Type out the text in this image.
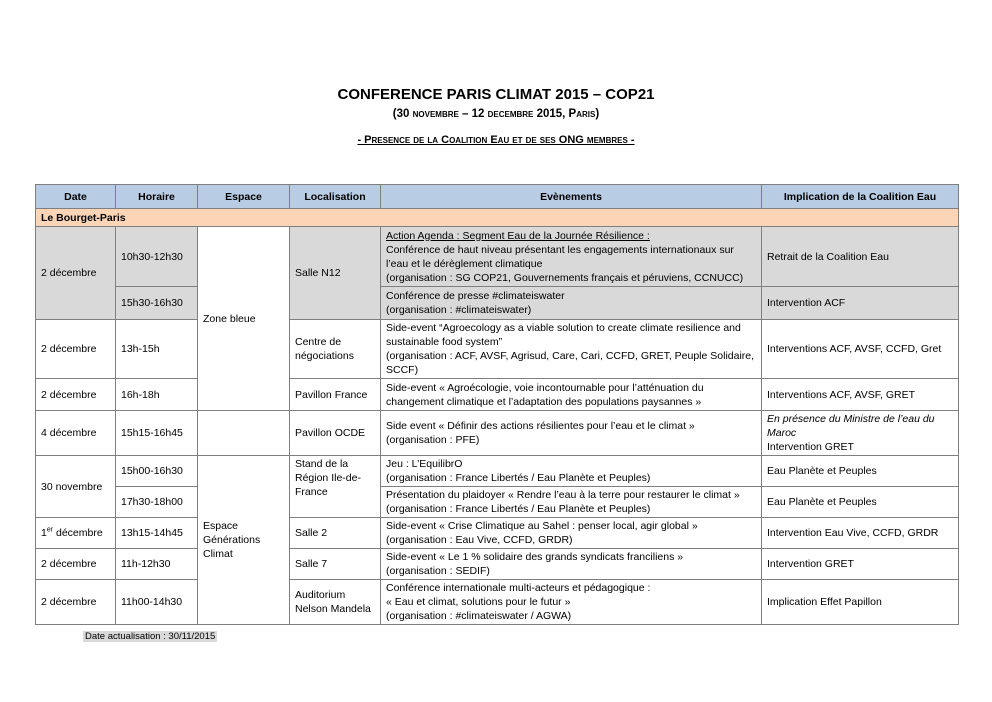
CONFERENCE PARIS CLIMAT 2015 – COP21
(30 novembre – 12 decembre 2015, Paris)
- Presence de la Coalition Eau et de ses ONG membres -
Date	Horaire	Espace	Localisation	Evènements	Implication de la Coalition Eau
Le Bourget-Paris					
2 décembre	10h30-12h30	Zone bleue	Salle N12	Action Agenda : Segment Eau de la Journée Résilience :
Conférence de haut niveau présentant les engagements internationaux sur
l’eau et le dérèglement climatique
(organisation : SG COP21, Gouvernements français et péruviens, CCNUCC)	Retrait de la Coalition Eau
	15h30-16h30			Conférence de presse #climateiswater
(organisation : #climateiswater)	Intervention ACF
2 décembre	13h-15h		Centre de négociations	Side-event “Agroecology as a viable solution to create climate resilience and
sustainable food system”
(organisation : ACF, AVSF, Agrisud, Care, Cari, CCFD, GRET, Peuple Solidaire,
SCCF)	Interventions ACF, AVSF, CCFD, Gret
2 décembre	16h-18h		Pavillon France	Side-event « Agroécologie, voie incontournable pour l’atténuation du
changement climatique et l’adaptation des populations paysannes »	Interventions ACF, AVSF, GRET
4 décembre	15h15-16h45		Pavillon OCDE	Side event « Définir des actions résilientes pour l’eau et le climat »
(organisation : PFE)	En présence du Ministre de l’eau du
Maroc
Intervention GRET

30 novembre	15h00-16h30	Espace
Générations
Climat	Stand de la Région Ile-de-France	Jeu : L’EquilibrO
(organisation : France Libertés / Eau Planète et Peuples)	Eau Planète et Peuples
	17h30-18h00			Présentation du plaidoyer « Rendre l’eau à la terre pour restaurer le climat »
(organisation : France Libertés / Eau Planète et Peuples)	Eau Planète et Peuples
1er décembre	13h15-14h45		Salle 2	Side-event « Crise Climatique au Sahel : penser local, agir global »
(organisation : Eau Vive, CCFD, GRDR)	Intervention Eau Vive, CCFD, GRDR
2 décembre	11h-12h30		Salle 7	Side-event « Le 1 % solidaire des grands syndicats franciliens »
(organisation : SEDIF)	Intervention GRET
2 décembre	11h00-14h30		Auditorium Nelson Mandela	Conférence internationale multi-acteurs et pédagogique :
« Eau et climat, solutions pour le futur »
(organisation : #climateiswater / AGWA)	Implication Effet Papillon
Date actualisation : 30/11/2015
